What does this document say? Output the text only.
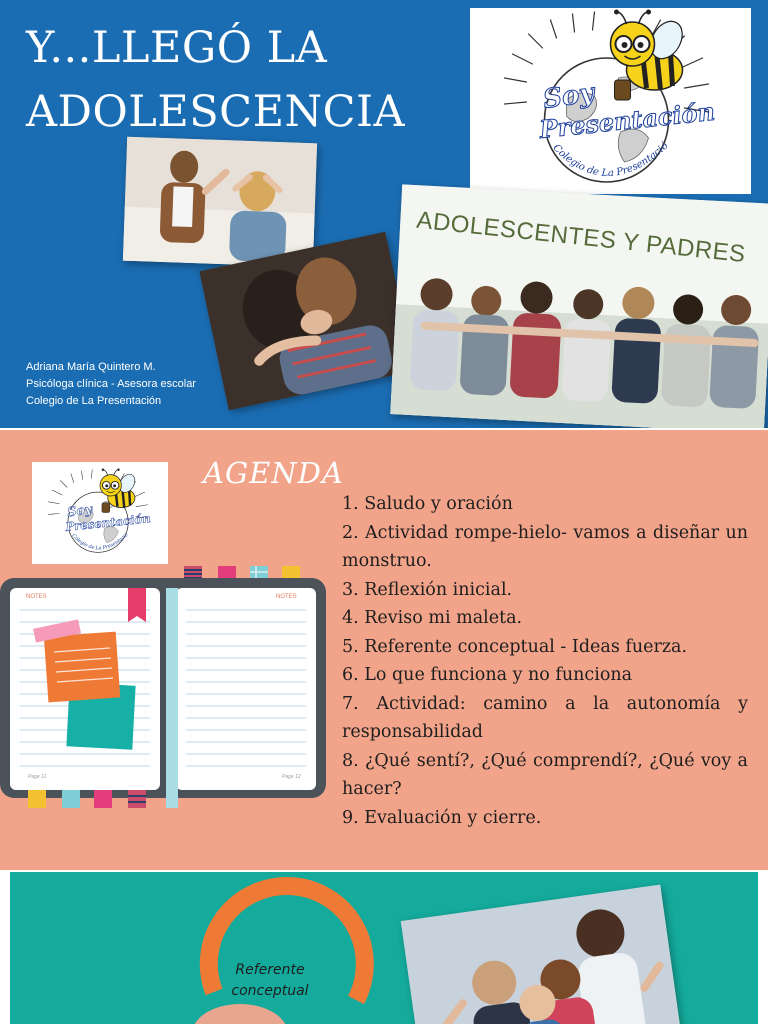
Y...LLEGÓ LA
ADOLESCENCIA
ADOLESCENTES Y PADRES
Adriana María Quintero M.
Psicóloga clínica - Asesora escolar
Colegio de La Presentación
AGENDA
1. Saludo y oración
2. Actividad rompe-hielo- vamos a diseñar un monstruo.
3. Reflexión inicial.
4. Reviso mi maleta.
5. Referente conceptual - Ideas fuerza.
6. Lo que funciona y no funciona
7. Actividad: camino a la autonomía y responsabilidad
8. ¿Qué sentí?, ¿Qué comprendí?, ¿Qué voy a hacer?
9. Evaluación y cierre.
NOTES	NOTES
Page 11	Page 12
Referente
conceptual
